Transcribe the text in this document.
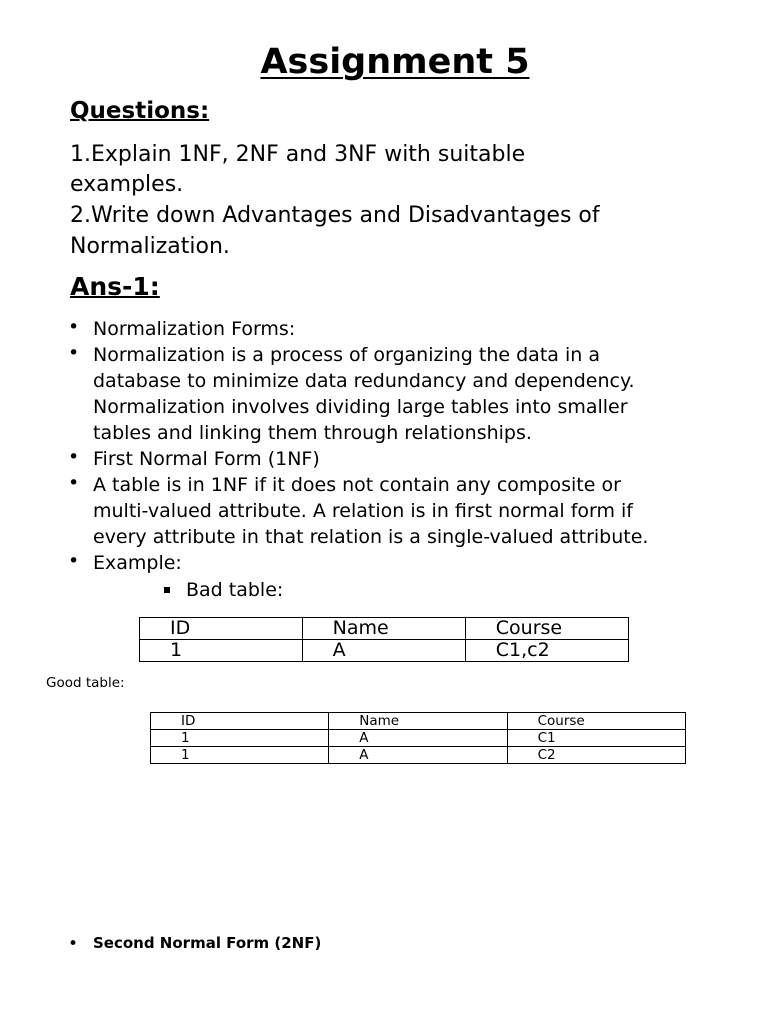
Assignment 5
Questions:

1.Explain 1NF, 2NF and 3NF with suitable

examples.

2.Write down Advantages and Disadvantages of

Normalization.

Ans-1:
• Normalization Forms:
• Normalization is a process of organizing the data in a
database to minimize data redundancy and dependency.
Normalization involves dividing large tables into smaller
tables and linking them through relationships.
• First Normal Form (1NF)
• A table is in 1NF if it does not contain any composite or
multi-valued attribute. A relation is in first normal form if
every attribute in that relation is a single-valued attribute.
• Example:
Bad table:
ID	Name	Course
1	A	C1,c2
Good table:
ID	Name	Course
1	A	C1
1	A	C2
• Second Normal Form (2NF)
